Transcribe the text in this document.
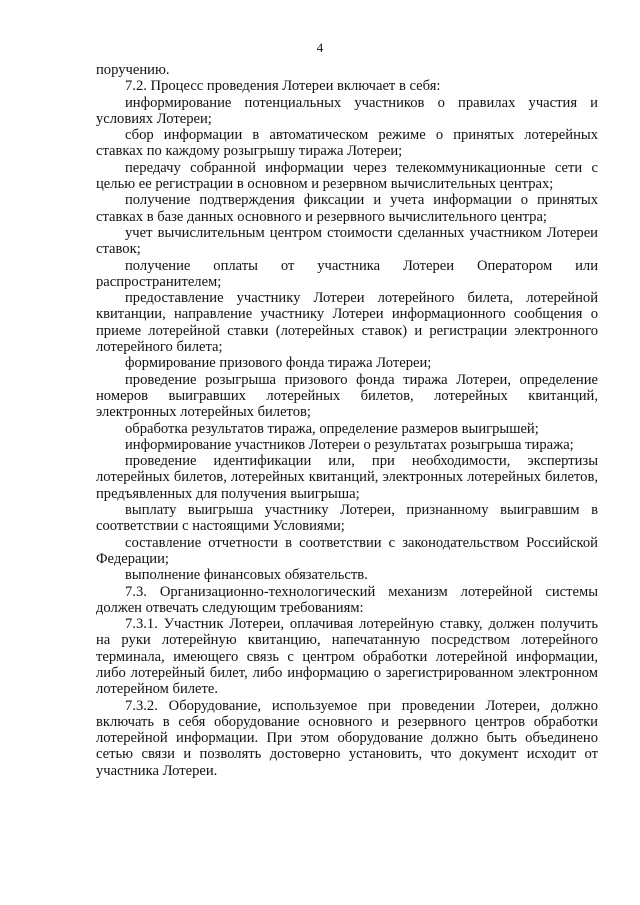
4

поручению.

7.2. Процесс проведения Лотереи включает в себя:

информирование потенциальных участников о правилах участия и условиях Лотереи;

сбор информации в автоматическом режиме о принятых лотерейных ставках по каждому розыгрышу тиража Лотереи;

передачу собранной информации через телекоммуникационные сети с целью ее регистрации в основном и резервном вычислительных центрах;

получение подтверждения фиксации и учета информации о принятых ставках в базе данных основного и резервного вычислительного центра;

учет вычислительным центром стоимости сделанных участником Лотереи ставок;

получение оплаты от участника Лотереи Оператором или распространителем;

предоставление участнику Лотереи лотерейного билета, лотерейной квитанции, направление участнику Лотереи информационного сообщения о приеме лотерейной ставки (лотерейных ставок) и регистрации электронного лотерейного билета;

формирование призового фонда тиража Лотереи;

проведение розыгрыша призового фонда тиража Лотереи, определение номеров выигравших лотерейных билетов, лотерейных квитанций, электронных лотерейных билетов;

обработка результатов тиража, определение размеров выигрышей;

информирование участников Лотереи о результатах розыгрыша тиража;

проведение идентификации или, при необходимости, экспертизы лотерейных билетов, лотерейных квитанций, электронных лотерейных билетов, предъявленных для получения выигрыша;

выплату выигрыша участнику Лотереи, признанному выигравшим в соответствии с настоящими Условиями;

составление отчетности в соответствии с законодательством Российской Федерации;

выполнение финансовых обязательств.

7.3. Организационно-технологический механизм лотерейной системы должен отвечать следующим требованиям:

7.3.1. Участник Лотереи, оплачивая лотерейную ставку, должен получить на руки лотерейную квитанцию, напечатанную посредством лотерейного терминала, имеющего связь с центром обработки лотерейной информации, либо лотерейный билет, либо информацию о зарегистрированном электронном лотерейном билете.

7.3.2. Оборудование, используемое при проведении Лотереи, должно включать в себя оборудование основного и резервного центров обработки лотерейной информации. При этом оборудование должно быть объединено сетью связи и позволять достоверно установить, что документ исходит от участника Лотереи.
